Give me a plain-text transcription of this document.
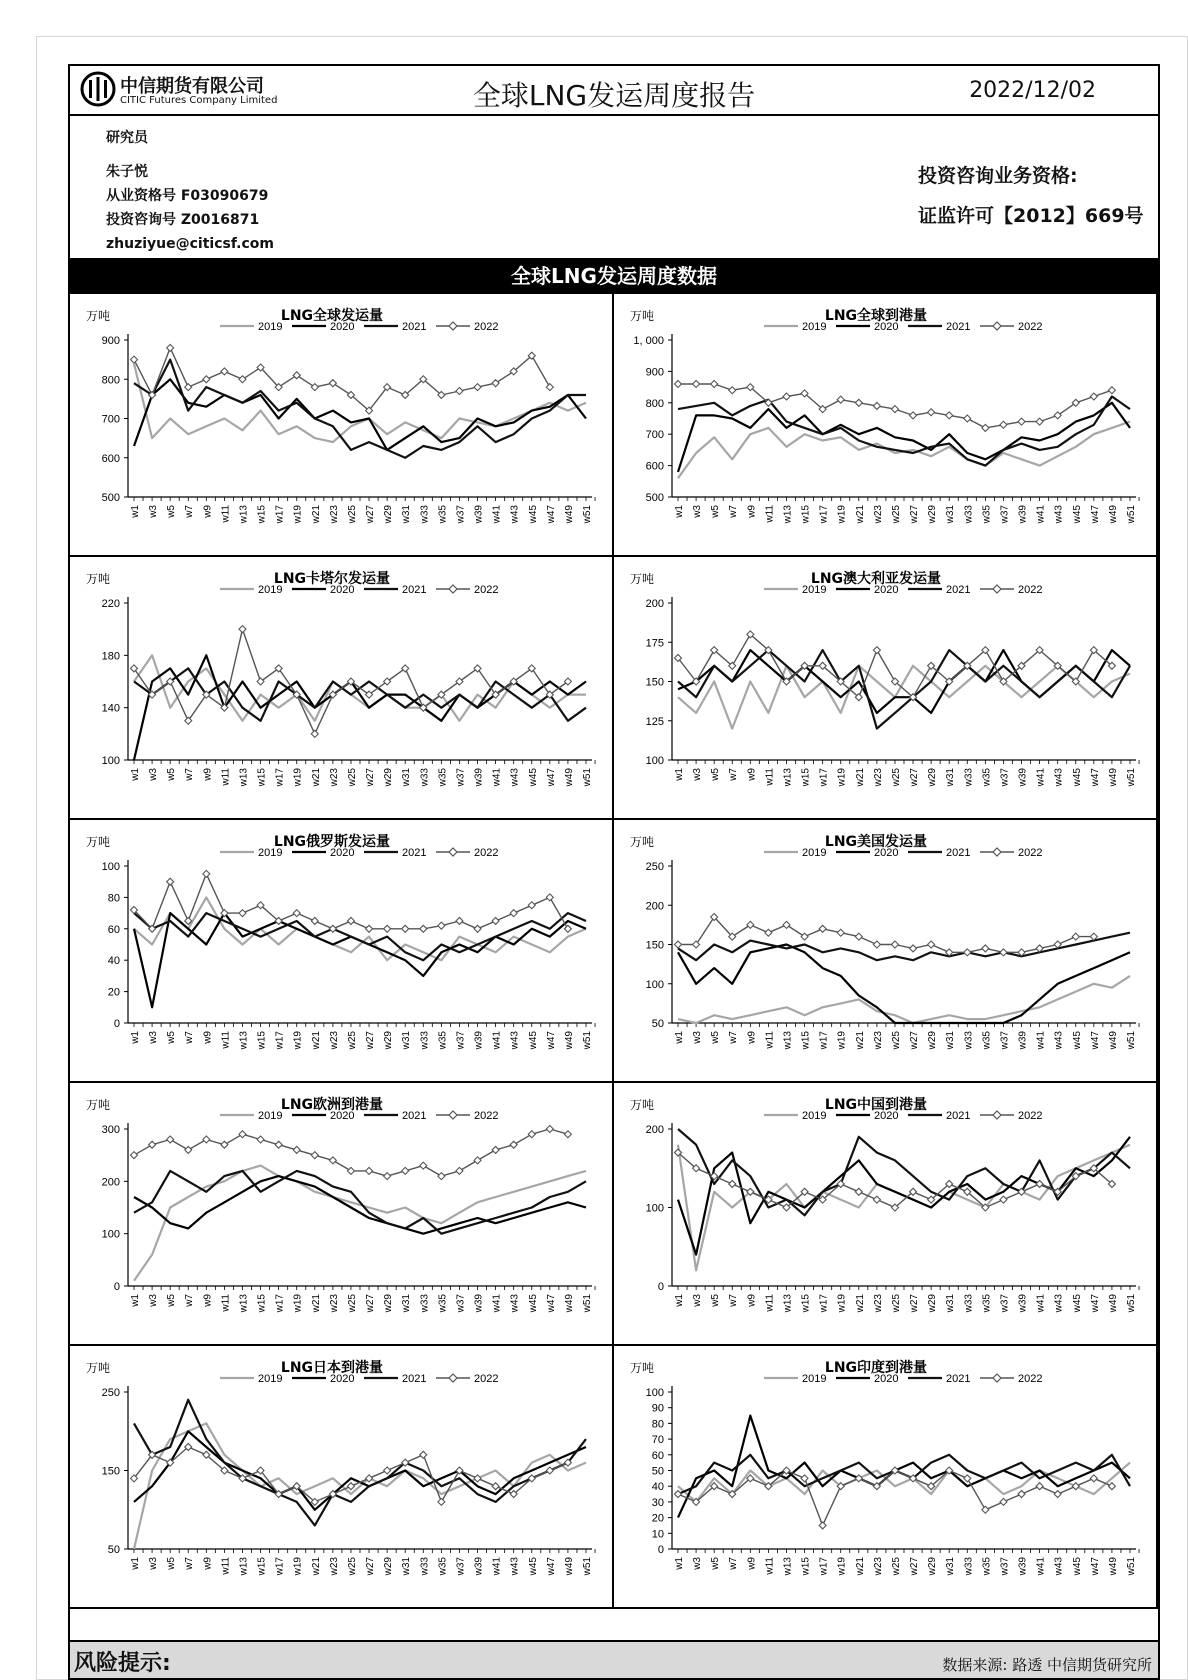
中信期货有限公司
CITIC Futures Company Limited	全球LNG发运周度报告	2022/12/02
研究员
朱子悦
从业资格号 F03090679
投资咨询号 Z0016871
zhuziyue@citicsf.com
投资咨询业务资格:
证监许可【2012】669号
全球LNG发运周度数据
万吨	LNG全球发运量
2019	2020	2021	2022
500
600
700
800
900
w1 w3 w5 w7 w9 w11 w13 w15 w17 w19 w21 w23 w25 w27 w29 w31 w33 w35 w37 w39 w41 w43 w45 w47 w49 w51
万吨	LNG全球到港量
2019	2020	2021	2022
500
600
700
800
900
1, 000
w1 w3 w5 w7 w9 w11 w13 w15 w17 w19 w21 w23 w25 w27 w29 w31 w33 w35 w37 w39 w41 w43 w45 w47 w49 w51
万吨	LNG卡塔尔发运量
2019	2020	2021	2022
100
140
180
220
w1 w3 w5 w7 w9 w11 w13 w15 w17 w19 w21 w23 w25 w27 w29 w31 w33 w35 w37 w39 w41 w43 w45 w47 w49 w51
万吨	LNG澳大利亚发运量
2019	2020	2021	2022
100
125
150
175
200
w1 w3 w5 w7 w9 w11 w13 w15 w17 w19 w21 w23 w25 w27 w29 w31 w33 w35 w37 w39 w41 w43 w45 w47 w49 w51
万吨	LNG俄罗斯发运量
2019	2020	2021	2022
0
20
40
60
80
100
w1 w3 w5 w7 w9 w11 w13 w15 w17 w19 w21 w23 w25 w27 w29 w31 w33 w35 w37 w39 w41 w43 w45 w47 w49 w51
万吨	LNG美国发运量
2019	2020	2021	2022
50
100
150
200
250
w1 w3 w5 w7 w9 w11 w13 w15 w17 w19 w21 w23 w25 w27 w29 w31 w33 w35 w37 w39 w41 w43 w45 w47 w49 w51
万吨	LNG欧洲到港量
2019	2020	2021	2022
0
100
200
300
w1 w3 w5 w7 w9 w11 w13 w15 w17 w19 w21 w23 w25 w27 w29 w31 w33 w35 w37 w39 w41 w43 w45 w47 w49 w51
万吨	LNG中国到港量
2019	2020	2021	2022
0
100
200
w1 w3 w5 w7 w9 w11 w13 w15 w17 w19 w21 w23 w25 w27 w29 w31 w33 w35 w37 w39 w41 w43 w45 w47 w49 w51
万吨	LNG日本到港量
2019	2020	2021	2022
50
150
250
w1 w3 w5 w7 w9 w11 w13 w15 w17 w19 w21 w23 w25 w27 w29 w31 w33 w35 w37 w39 w41 w43 w45 w47 w49 w51
万吨	LNG印度到港量
2019	2020	2021	2022
0
10
20
30
40
50
60
70
80
90
100
w1 w3 w5 w7 w9 w11 w13 w15 w17 w19 w21 w23 w25 w27 w29 w31 w33 w35 w37 w39 w41 w43 w45 w47 w49 w51
风险提示:	数据来源: 路透 中信期货研究所
